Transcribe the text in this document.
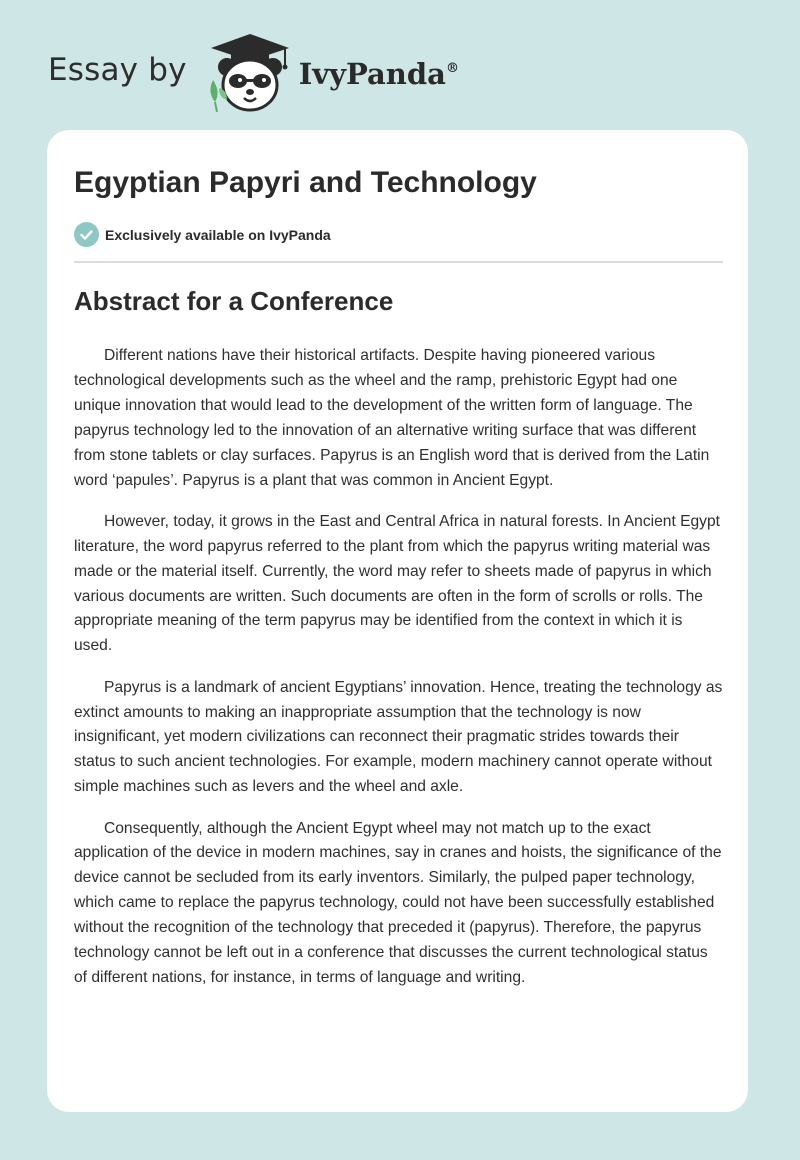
Essay by	IvyPanda®
Egyptian Papyri and Technology
Exclusively available on IvyPanda
Abstract for a Conference

Different nations have their historical artifacts. Despite having pioneered various technological developments such as the wheel and the ramp, prehistoric Egypt had one unique innovation that would lead to the development of the written form of language. The papyrus technology led to the innovation of an alternative writing surface that was different from stone tablets or clay surfaces. Papyrus is an English word that is derived from the Latin word ‘papules’. Papyrus is a plant that was common in Ancient Egypt.

However, today, it grows in the East and Central Africa in natural forests. In Ancient Egypt literature, the word papyrus referred to the plant from which the papyrus writing material was made or the material itself. Currently, the word may refer to sheets made of papyrus in which various documents are written. Such documents are often in the form of scrolls or rolls. The appropriate meaning of the term papyrus may be identified from the context in which it is used.

Papyrus is a landmark of ancient Egyptians’ innovation. Hence, treating the technology as extinct amounts to making an inappropriate assumption that the technology is now insignificant, yet modern civilizations can reconnect their pragmatic strides towards their status to such ancient technologies. For example, modern machinery cannot operate without simple machines such as levers and the wheel and axle.

Consequently, although the Ancient Egypt wheel may not match up to the exact application of the device in modern machines, say in cranes and hoists, the significance of the device cannot be secluded from its early inventors. Similarly, the pulped paper technology, which came to replace the papyrus technology, could not have been successfully established without the recognition of the technology that preceded it (papyrus). Therefore, the papyrus technology cannot be left out in a conference that discusses the current technological status of different nations, for instance, in terms of language and writing.
